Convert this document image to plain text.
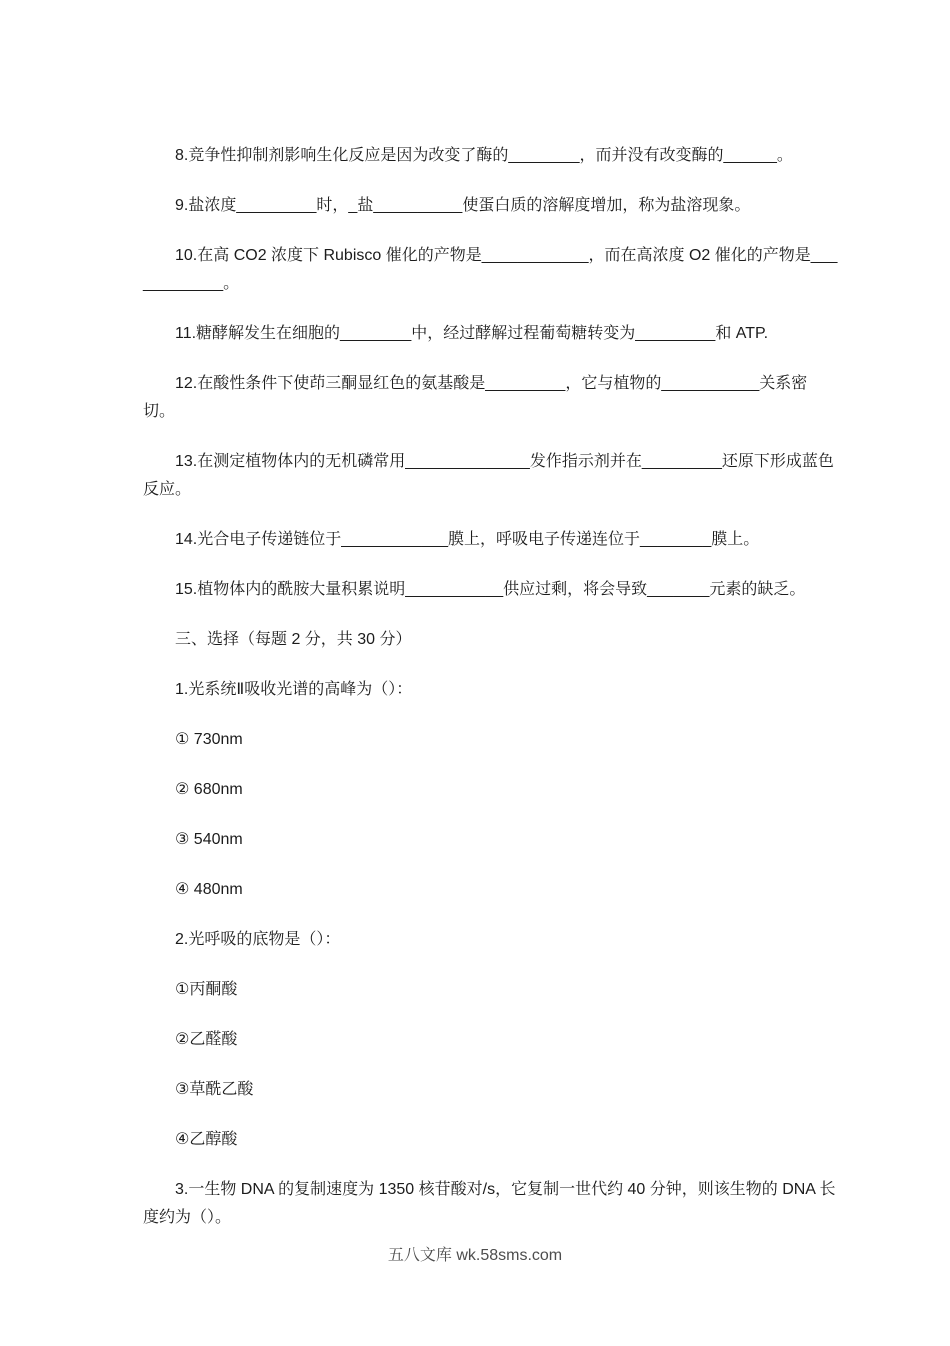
8.竞争性抑制剂影响生化反应是因为改变了酶的________，而并没有改变酶的______。

9.盐浓度_________时，_盐__________使蛋白质的溶解度增加，称为盐溶现象。

10.在高 CO2 浓度下 Rubisco 催化的产物是____________，而在高浓度 O2 催化的产物是____________。

11.糖酵解发生在细胞的________中，经过酵解过程葡萄糖转变为_________和 ATP.

12.在酸性条件下使茚三酮显红色的氨基酸是_________，它与植物的___________关系密切。

13.在测定植物体内的无机磷常用______________发作指示剂并在_________还原下形成蓝色反应。

14.光合电子传递链位于____________膜上，呼吸电子传递连位于________膜上。

15.植物体内的酰胺大量积累说明___________供应过剩，将会导致_______元素的缺乏。

三、选择（每题 2 分，共 30 分）

1.光系统Ⅱ吸收光谱的高峰为（）：

① 730nm

② 680nm

③ 540nm

④ 480nm

2.光呼吸的底物是（）：

①丙酮酸

②乙醛酸

③草酰乙酸

④乙醇酸

3.一生物 DNA 的复制速度为 1350 核苷酸对/s，它复制一世代约 40 分钟，则该生物的 DNA 长度约为（）。

五八文库 wk.58sms.com
